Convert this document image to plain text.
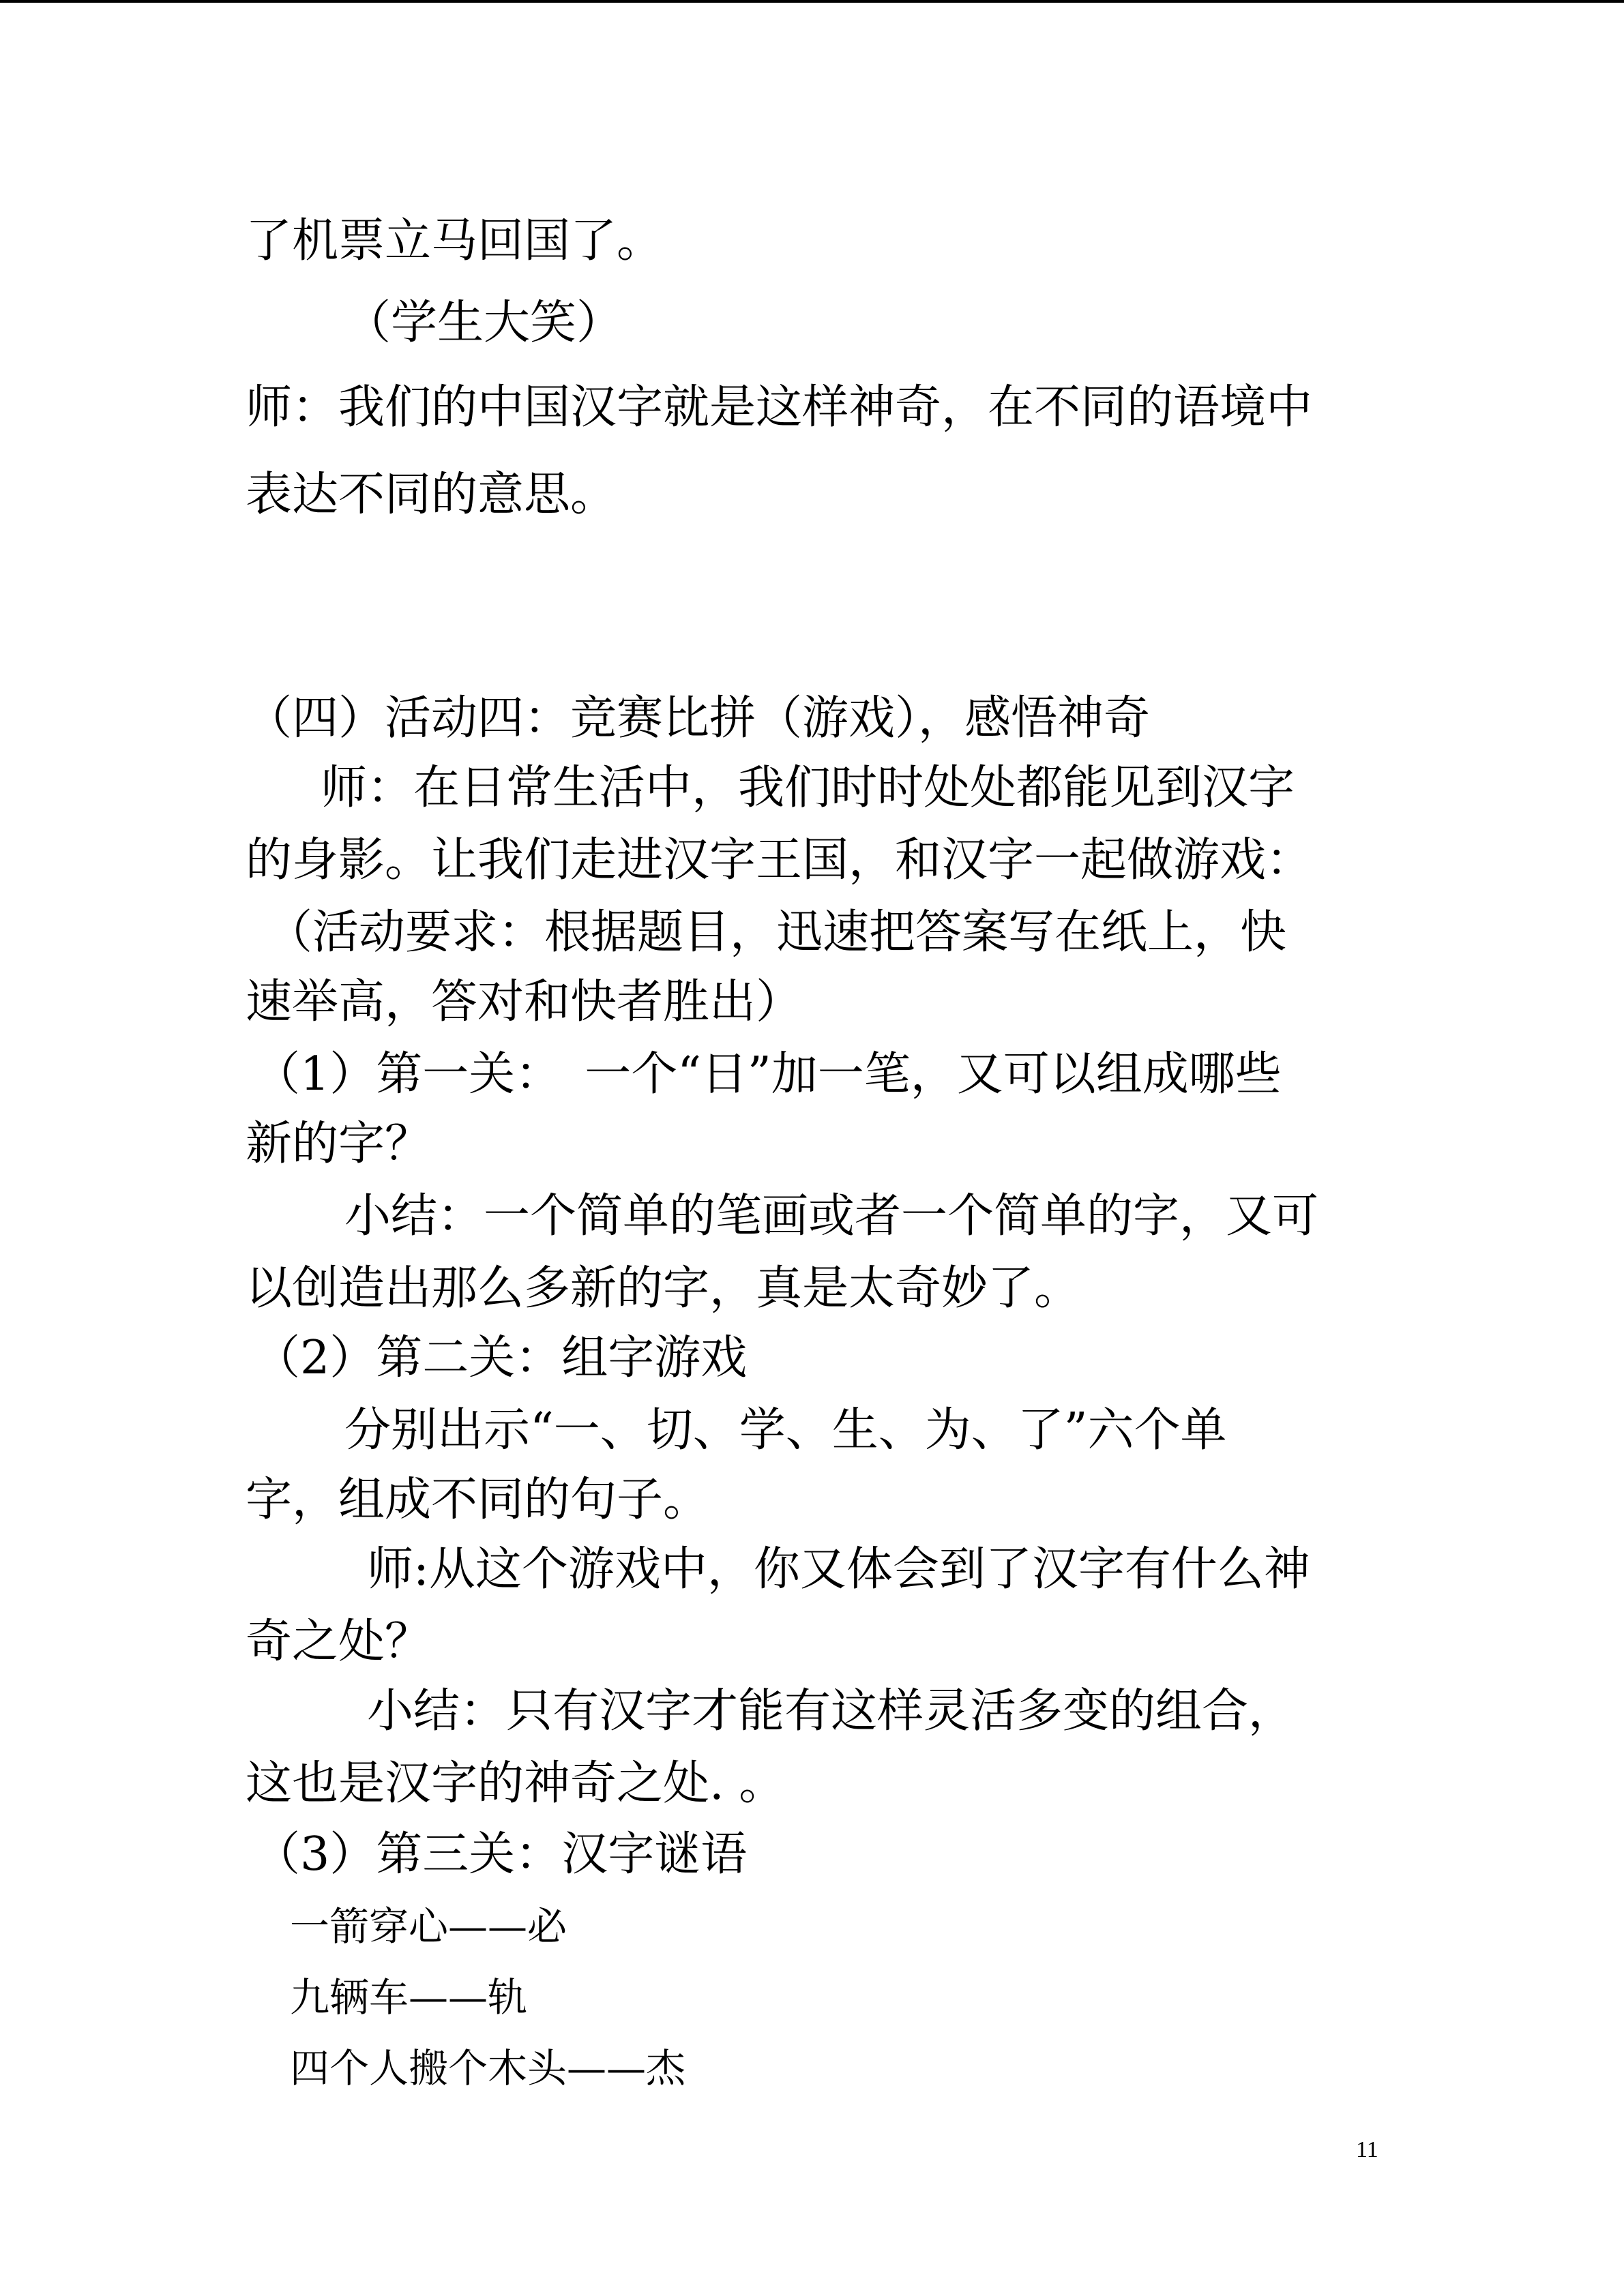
了机票立马回国了。
（学生大笑）
师：我们的中国汉字就是这样神奇，在不同的语境中
表达不同的意思。
（四）活动四：竞赛比拼（游戏），感悟神奇
师：在日常生活中，我们时时处处都能见到汉字
的身影。让我们走进汉字王国，和汉字一起做游戏：
（活动要求：根据题目，迅速把答案写在纸上，快
速举高，答对和快者胜出）
（1）第一关：　一个“日”加一笔，又可以组成哪些
新的字？
小结：一个简单的笔画或者一个简单的字，又可
以创造出那么多新的字，真是太奇妙了。
（2）第二关：组字游戏
分别出示“一、切、学、生、为、了”六个单
字，组成不同的句子。
师:从这个游戏中，你又体会到了汉字有什么神
奇之处？
小结：只有汉字才能有这样灵活多变的组合，
这也是汉字的神奇之处. 。
（3）第三关：汉字谜语
一箭穿心——必
九辆车——轨
四个人搬个木头——杰
11
